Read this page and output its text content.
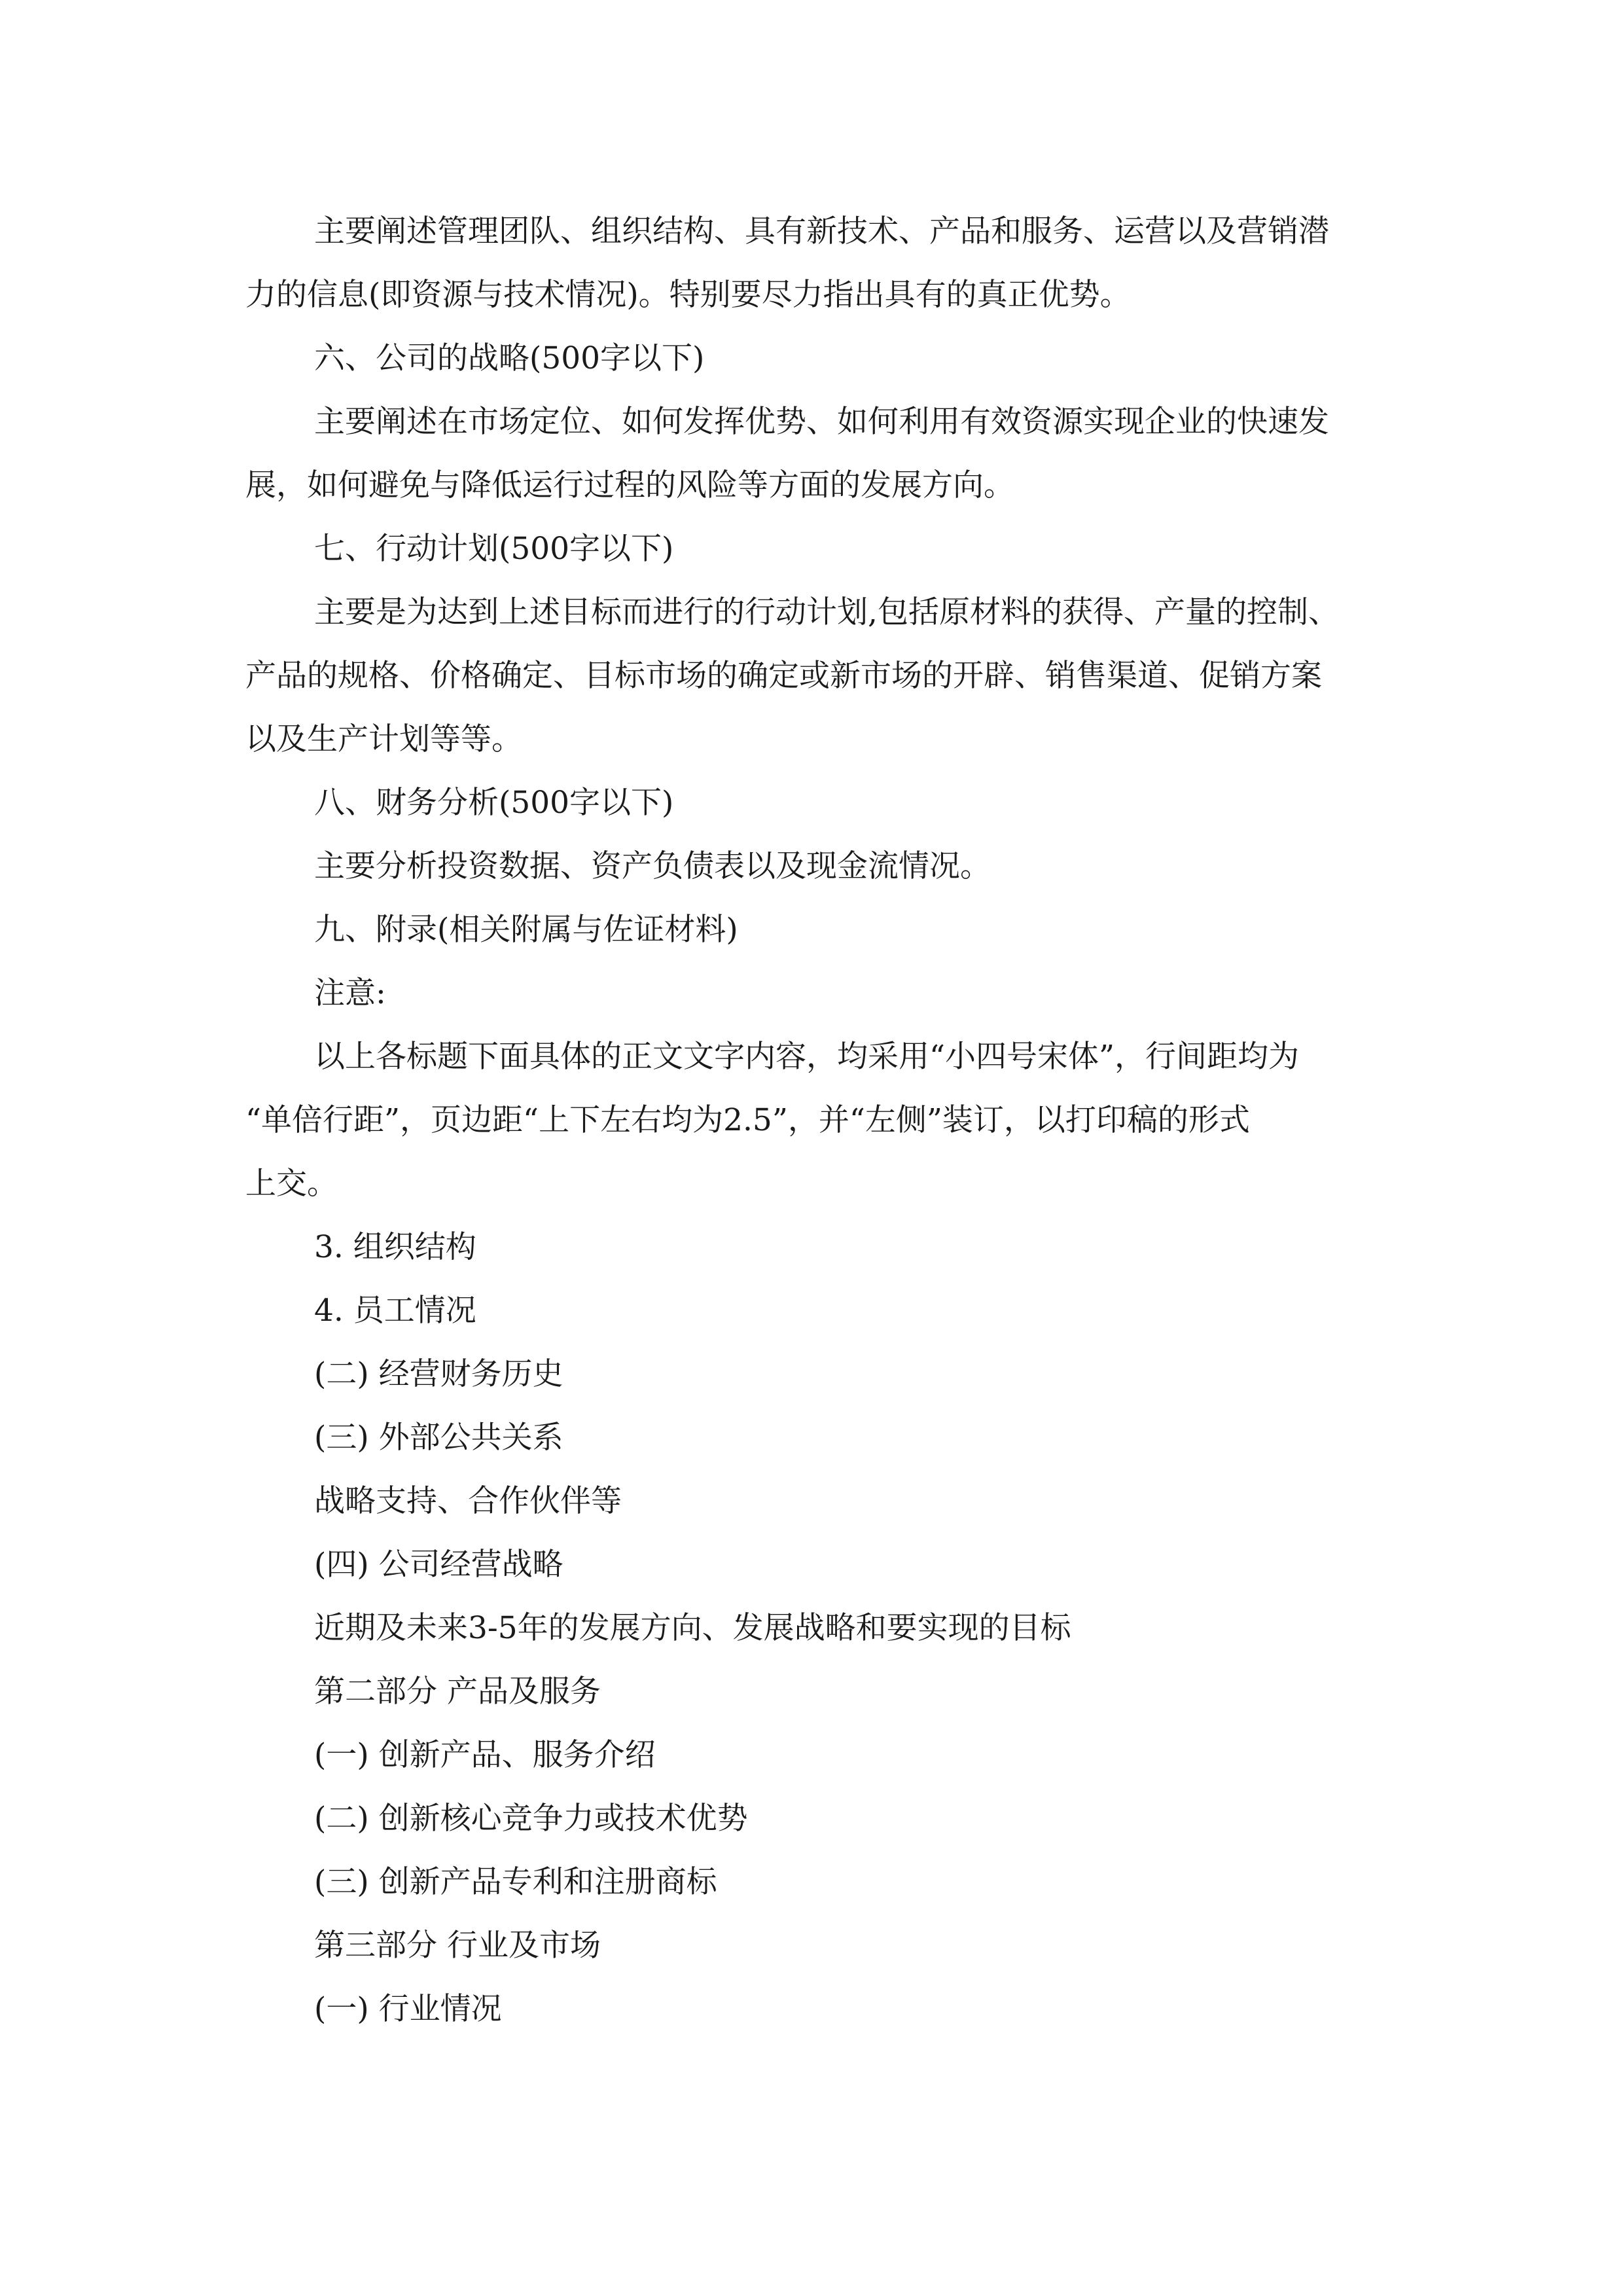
主要阐述管理团队、组织结构、具有新技术、产品和服务、运营以及营销潜

力的信息(即资源与技术情况)。特别要尽力指出具有的真正优势。

六、公司的战略(500字以下)

主要阐述在市场定位、如何发挥优势、如何利用有效资源实现企业的快速发

展，如何避免与降低运行过程的风险等方面的发展方向。

七、行动计划(500字以下)

主要是为达到上述目标而进行的行动计划,包括原材料的获得、产量的控制、

产品的规格、价格确定、目标市场的确定或新市场的开辟、销售渠道、促销方案

以及生产计划等等。

八、财务分析(500字以下)

主要分析投资数据、资产负债表以及现金流情况。

九、附录(相关附属与佐证材料)

注意:

以上各标题下面具体的正文文字内容，均采用“小四号宋体”，行间距均为

“单倍行距”，页边距“上下左右均为2.5”，并“左侧”装订，以打印稿的形式

上交。

3. 组织结构

4. 员工情况

(二) 经营财务历史

(三) 外部公共关系

战略支持、合作伙伴等

(四) 公司经营战略

近期及未来3-5年的发展方向、发展战略和要实现的目标

第二部分 产品及服务

(一) 创新产品、服务介绍

(二) 创新核心竞争力或技术优势

(三) 创新产品专利和注册商标

第三部分 行业及市场

(一) 行业情况
